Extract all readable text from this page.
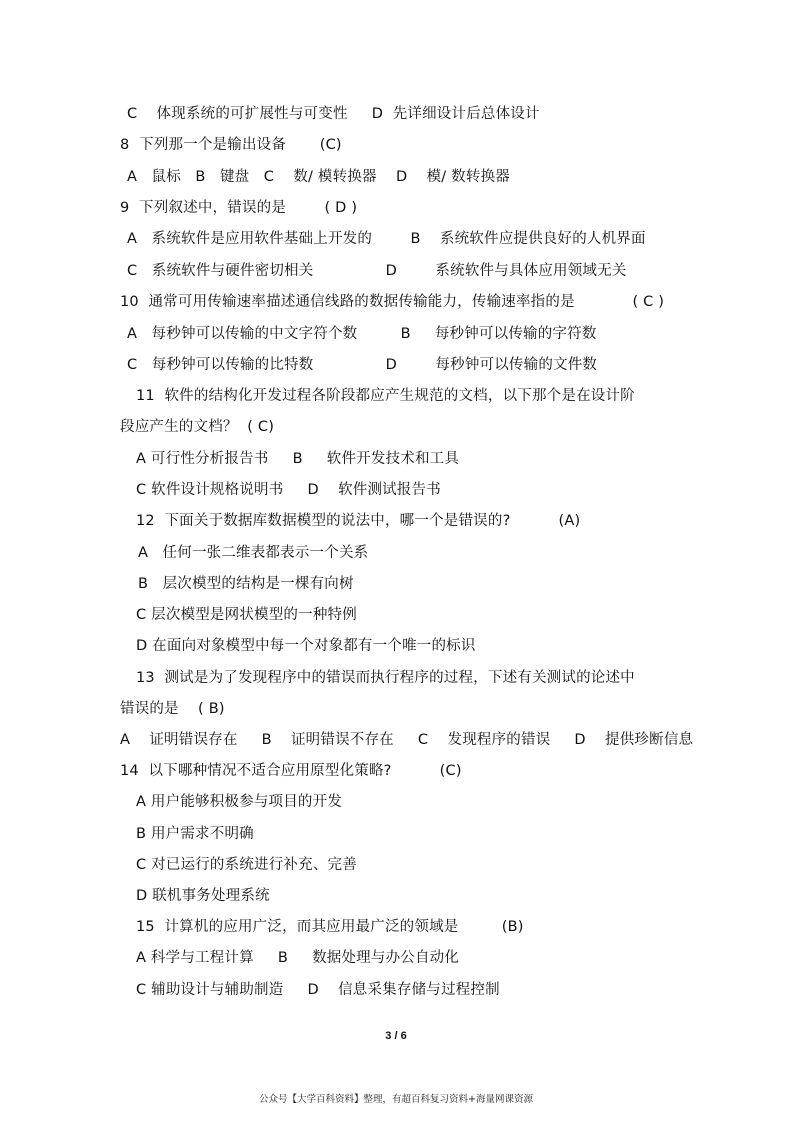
C    体现系统的可扩展性与可变性     D  先详细设计后总体设计
8  下列那一个是输出设备       (C)
A   鼠标   B   键盘   C    数/ 模转换器    D    模/ 数转换器
9  下列叙述中，错误的是        ( D )
A   系统软件是应用软件基础上开发的        B    系统软件应提供良好的人机界面
C   系统软件与硬件密切相关               D        系统软件与具体应用领域无关
10  通常可用传输速率描述通信线路的数据传输能力，传输速率指的是            ( C )
A   每秒钟可以传输的中文字符个数         B     每秒钟可以传输的字符数
C   每秒钟可以传输的比特数               D        每秒钟可以传输的文件数
11  软件的结构化开发过程各阶段都应产生规范的文档，以下那个是在设计阶
段应产生的文档？  ( C)
A 可行性分析报告书     B     软件开发技术和工具
C 软件设计规格说明书     D    软件测试报告书
12  下面关于数据库数据模型的说法中，哪一个是错误的?          (A)
A   任何一张二维表都表示一个关系
B   层次模型的结构是一棵有向树
C 层次模型是网状模型的一种特例
D 在面向对象模型中每一个对象都有一个唯一的标识
13  测试是为了发现程序中的错误而执行程序的过程，下述有关测试的论述中
错误的是    ( B)
A    证明错误存在     B    证明错误不存在     C    发现程序的错误     D    提供珍断信息
14  以下哪种情况不适合应用原型化策略?          (C)
A 用户能够积极参与项目的开发
B 用户需求不明确
C 对已运行的系统进行补充、完善
D 联机事务处理系统
15  计算机的应用广泛，而其应用最广泛的领域是         (B)
A 科学与工程计算     B     数据处理与办公自动化
C 辅助设计与辅助制造     D    信息采集存储与过程控制
3 / 6
公众号【大学百科资料】整理，有超百科复习资料+海量网课资源
